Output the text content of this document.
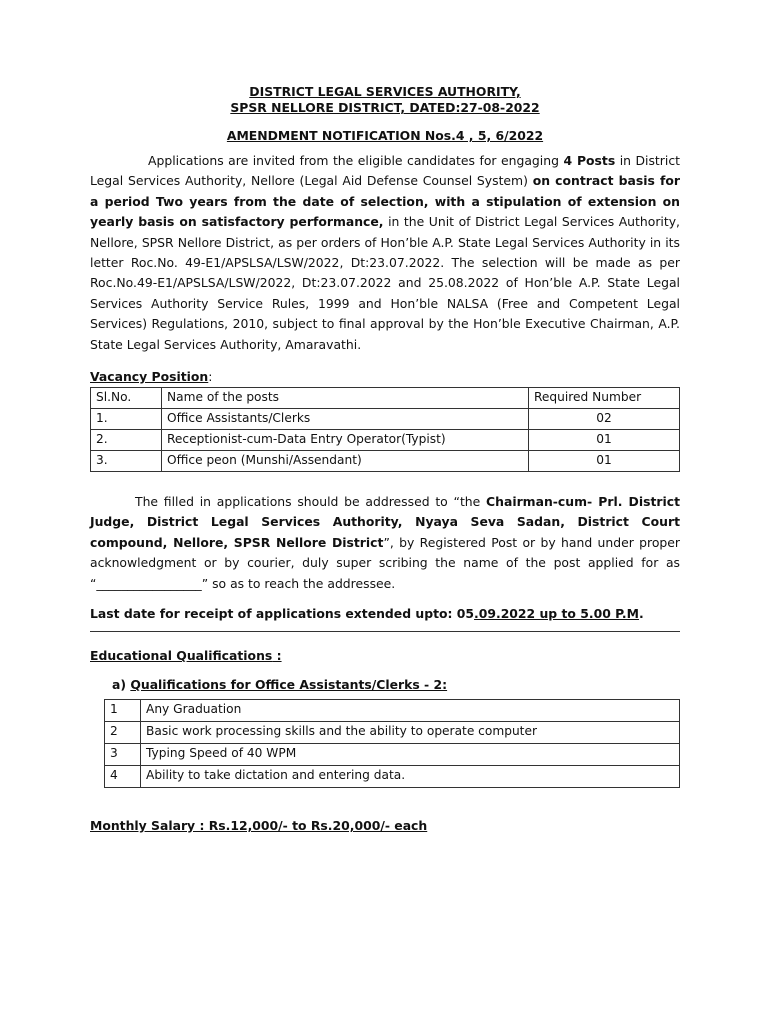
DISTRICT LEGAL SERVICES AUTHORITY,
SPSR NELLORE DISTRICT, DATED:27-08-2022
AMENDMENT NOTIFICATION Nos.4 , 5, 6/2022
Applications are invited from the eligible candidates for engaging 4 Posts in District Legal Services Authority, Nellore (Legal Aid Defense Counsel System) on contract basis for a period Two years from the date of selection, with a stipulation of extension on yearly basis on satisfactory performance, in the Unit of District Legal Services Authority, Nellore, SPSR Nellore District, as per orders of Hon’ble A.P. State Legal Services Authority in its letter Roc.No. 49-E1/APSLSA/LSW/2022, Dt:23.07.2022. The selection will be made as per Roc.No.49-E1/APSLSA/LSW/2022, Dt:23.07.2022 and 25.08.2022 of Hon’ble A.P. State Legal Services Authority Service Rules, 1999 and Hon’ble NALSA (Free and Competent Legal Services) Regulations, 2010, subject to final approval by the Hon’ble Executive Chairman, A.P. State Legal Services Authority, Amaravathi.
Vacancy Position:
Sl.No.	Name of the posts	Required Number
1.	Office Assistants/Clerks	02
2.	Receptionist-cum-Data Entry Operator(Typist)	01
3.	Office peon (Munshi/Assendant)	01
The filled in applications should be addressed to “the Chairman-cum- Prl. District Judge, District Legal Services Authority, Nyaya Seva Sadan, District Court compound, Nellore, SPSR Nellore District”, by Registered Post or by hand under proper acknowledgment or by courier, duly super scribing the name of the post applied for as “_________________” so as to reach the addressee.
Last date for receipt of applications extended upto: 05.09.2022 up to 5.00 P.M.
Educational Qualifications :
a) Qualifications for Office Assistants/Clerks - 2:
1	Any Graduation
2	Basic work processing skills and the ability to operate computer
3	Typing Speed of 40 WPM
4	Ability to take dictation and entering data.
Monthly Salary : Rs.12,000/- to Rs.20,000/- each
